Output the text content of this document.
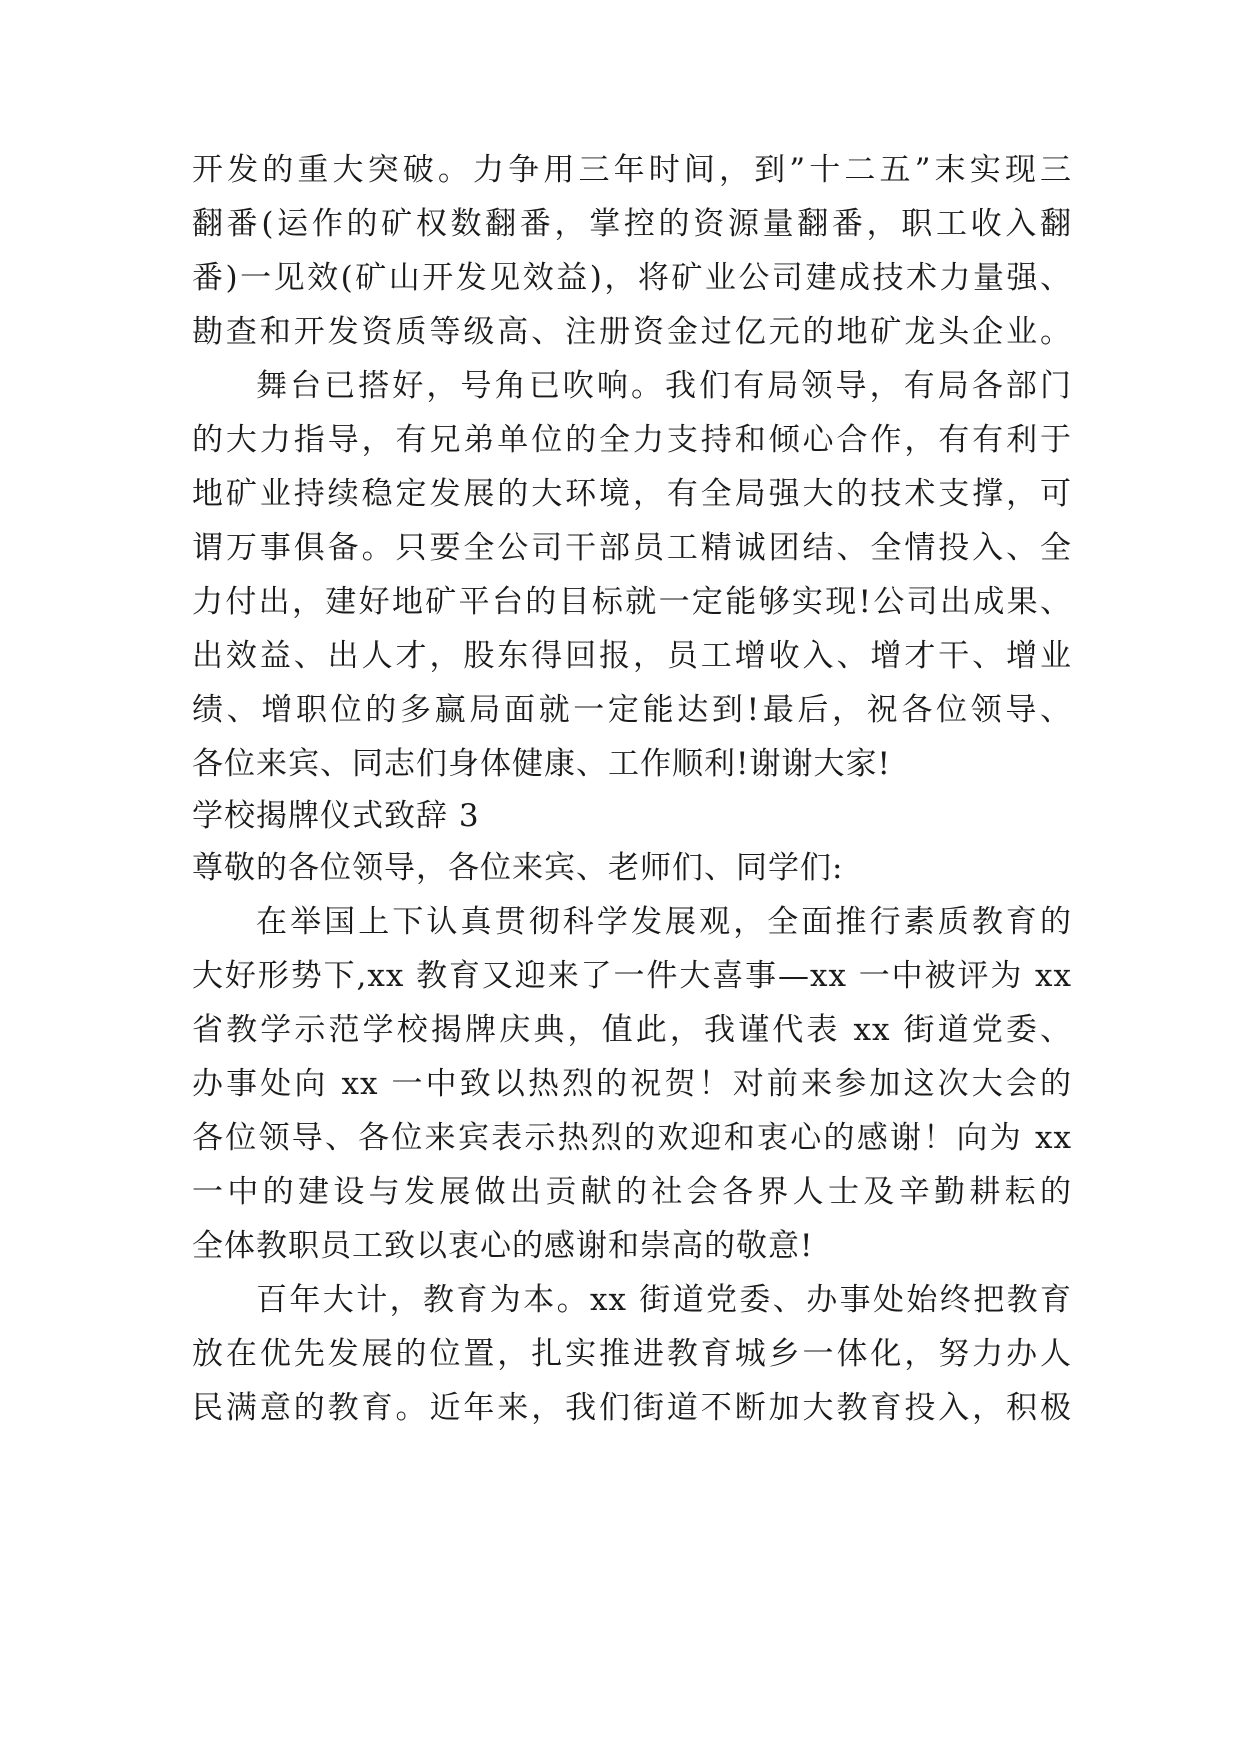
开发的重大突破。力争用三年时间，到”十二五”末实现三
翻番(运作的矿权数翻番，掌控的资源量翻番，职工收入翻
番)一见效(矿山开发见效益)，将矿业公司建成技术力量强、
勘查和开发资质等级高、注册资金过亿元的地矿龙头企业。
舞台已搭好，号角已吹响。我们有局领导，有局各部门
的大力指导，有兄弟单位的全力支持和倾心合作，有有利于
地矿业持续稳定发展的大环境，有全局强大的技术支撑，可
谓万事俱备。只要全公司干部员工精诚团结、全情投入、全
力付出，建好地矿平台的目标就一定能够实现!公司出成果、
出效益、出人才，股东得回报，员工增收入、增才干、增业
绩、增职位的多赢局面就一定能达到!最后，祝各位领导、
各位来宾、同志们身体健康、工作顺利!谢谢大家!
学校揭牌仪式致辞 3
尊敬的各位领导，各位来宾、老师们、同学们:
在举国上下认真贯彻科学发展观，全面推行素质教育的
大好形势下,xx 教育又迎来了一件大喜事—xx 一中被评为 xx
省教学示范学校揭牌庆典，值此，我谨代表 xx 街道党委、
办事处向 xx 一中致以热烈的祝贺！对前来参加这次大会的
各位领导、各位来宾表示热烈的欢迎和衷心的感谢！向为 xx
一中的建设与发展做出贡献的社会各界人士及辛勤耕耘的
全体教职员工致以衷心的感谢和崇高的敬意!
百年大计，教育为本。xx 街道党委、办事处始终把教育
放在优先发展的位置，扎实推进教育城乡一体化，努力办人
民满意的教育。近年来，我们街道不断加大教育投入，积极
